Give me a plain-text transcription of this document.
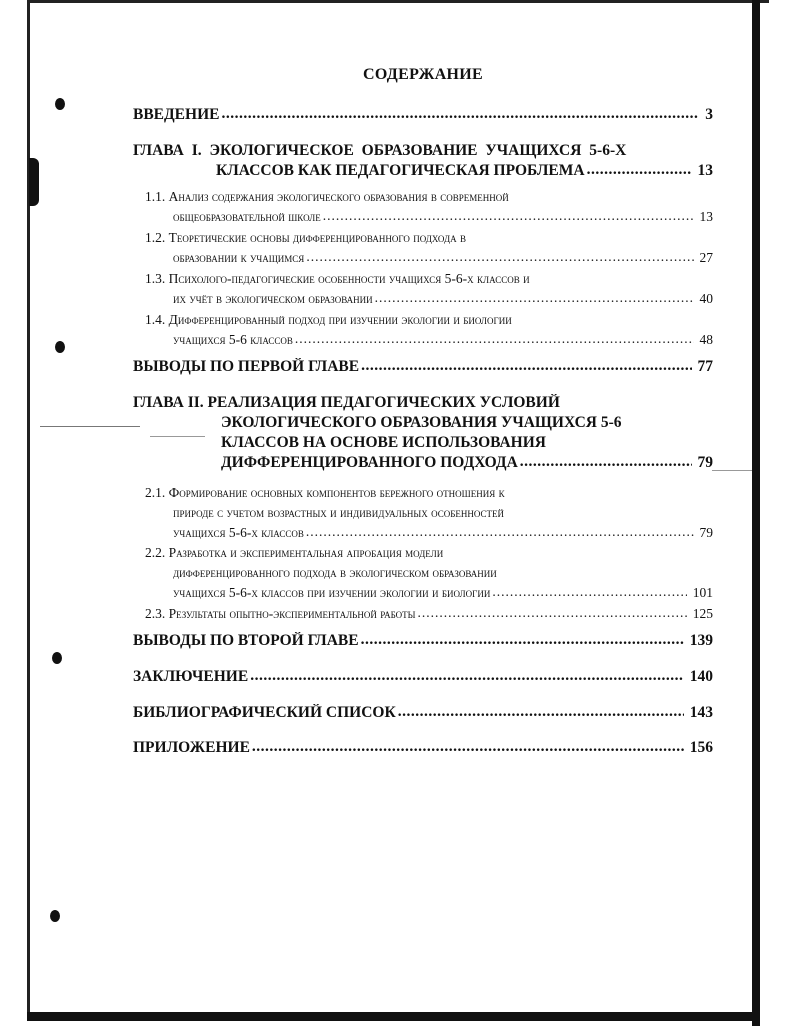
СОДЕРЖАНИЕ
ВВЕДЕНИЕ .....	3
ГЛАВА I. ЭКОЛОГИЧЕСКОЕ ОБРАЗОВАНИЕ УЧАЩИХСЯ 5-6-Х
КЛАССОВ КАК ПЕДАГОГИЧЕСКАЯ ПРОБЛЕМА .....	13
1.1. Анализ содержания экологического образования в современной
общеобразовательной школе .....	13
1.2. Теоретические основы дифференцированного подхода в
образовании к учащимся .....	27
1.3. Психолого-педагогические особенности учащихся 5-6-х классов и
их учёт в экологическом образовании .....	40
1.4. Дифференцированный подход при изучении экологии и биологии
учащихся 5-6 классов .....	48
ВЫВОДЫ ПО ПЕРВОЙ ГЛАВЕ .....	77
ГЛАВА II. РЕАЛИЗАЦИЯ ПЕДАГОГИЧЕСКИХ УСЛОВИЙ
ЭКОЛОГИЧЕСКОГО ОБРАЗОВАНИЯ УЧАЩИХСЯ 5-6
КЛАССОВ НА ОСНОВЕ ИСПОЛЬЗОВАНИЯ
ДИФФЕРЕНЦИРОВАННОГО ПОДХОДА .....	79
2.1. Формирование основных компонентов бережного отношения к
природе с учетом возрастных и индивидуальных особенностей
учащихся 5-6-х классов .....	79
2.2. Разработка и экспериментальная апробация модели
дифференцированного подхода в экологическом образовании
учащихся 5-6-х классов при изучении экологии и биологии .....	101
2.3. Результаты опытно-экспериментальной работы .....	125
ВЫВОДЫ ПО ВТОРОЙ ГЛАВЕ .....	139
ЗАКЛЮЧЕНИЕ .....	140
БИБЛИОГРАФИЧЕСКИЙ СПИСОК .....	143
ПРИЛОЖЕНИЕ .....	156
